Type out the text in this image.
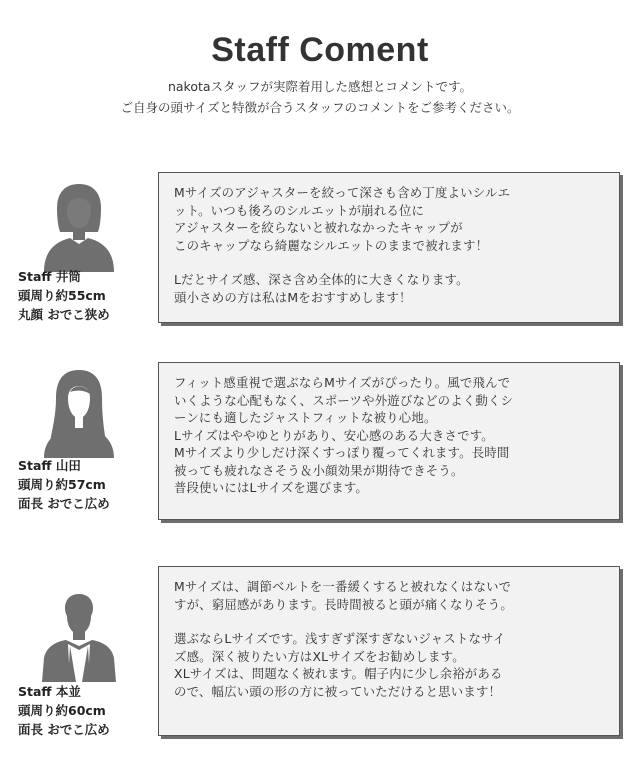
Staff Coment
nakotaスタッフが実際着用した感想とコメントです。
ご自身の頭サイズと特徴が合うスタッフのコメントをご参考ください。
Staff 井筒
頭周り約55cm
丸顔 おでこ狭め

Mサイズのアジャスターを絞って深さも含め丁度よいシルエ
ット。いつも後ろのシルエットが崩れる位に
アジャスターを絞らないと被れなかったキャップが
このキャップなら綺麗なシルエットのままで被れます！

Lだとサイズ感、深さ含め全体的に大きくなります。
頭小さめの方は私はMをおすすめします！

Staff 山田
頭周り約57cm
面長 おでこ広め

フィット感重視で選ぶならMサイズがぴったり。風で飛んで
いくような心配もなく、スポーツや外遊びなどのよく動くシ
ーンにも適したジャストフィットな被り心地。
Lサイズはややゆとりがあり、安心感のある大きさです。
Mサイズより少しだけ深くすっぽり覆ってくれます。長時間
被っても疲れなさそう＆小顔効果が期待できそう。
普段使いにはLサイズを選びます。

Staff 本並
頭周り約60cm
面長 おでこ広め

Mサイズは、調節ベルトを一番緩くすると被れなくはないで
すが、窮屈感があります。長時間被ると頭が痛くなりそう。

選ぶならLサイズです。浅すぎず深すぎないジャストなサイ
ズ感。深く被りたい方はXLサイズをお勧めします。
XLサイズは、問題なく被れます。帽子内に少し余裕がある
ので、幅広い頭の形の方に被っていただけると思います！
